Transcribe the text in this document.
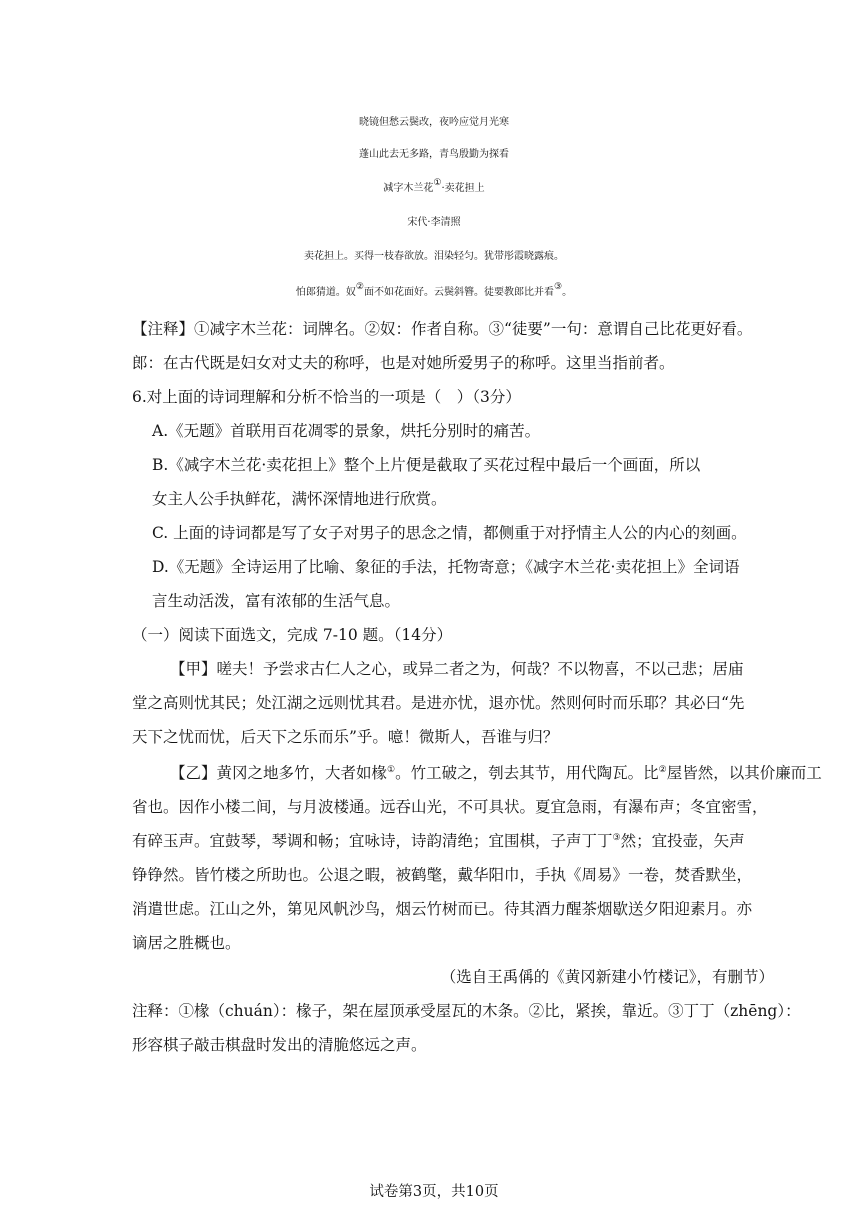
晓镜但愁云鬓改，夜吟应觉月光寒
蓬山此去无多路，青鸟殷勤为探看
减字木兰花①·卖花担上
宋代·李清照
卖花担上。买得一枝春欲放。泪染轻匀。犹带彤霞晓露痕。
怕郎猜道。奴②面不如花面好。云鬓斜簪。徒要教郎比并看③。
【注释】①减字木兰花：词牌名。②奴：作者自称。③“徒要”一句：意谓自己比花更好看。
郎：在古代既是妇女对丈夫的称呼，也是对她所爱男子的称呼。这里当指前者。
6.对上面的诗词理解和分析不恰当的一项是（　）（3分）
A.《无题》首联用百花凋零的景象，烘托分别时的痛苦。
B.《减字木兰花·卖花担上》整个上片便是截取了买花过程中最后一个画面，所以
女主人公手执鲜花，满怀深情地进行欣赏。
C. 上面的诗词都是写了女子对男子的思念之情，都侧重于对抒情主人公的内心的刻画。
D.《无题》全诗运用了比喻、象征的手法，托物寄意；《减字木兰花·卖花担上》全词语
言生动活泼，富有浓郁的生活气息。
（一）阅读下面选文，完成 7-10 题。（14分）
【甲】嗟夫！予尝求古仁人之心，或异二者之为，何哉？不以物喜，不以己悲；居庙
堂之高则忧其民；处江湖之远则忧其君。是进亦忧，退亦忧。然则何时而乐耶？其必曰“先
天下之忧而忧，后天下之乐而乐”乎。噫！微斯人，吾谁与归？
【乙】黄冈之地多竹，大者如椽①。竹工破之，刳去其节，用代陶瓦。比②屋皆然，以其价廉而工
省也。因作小楼二间，与月波楼通。远吞山光，不可具状。夏宜急雨，有瀑布声；冬宜密雪，
有碎玉声。宜鼓琴，琴调和畅；宜咏诗，诗韵清绝；宜围棋，子声丁丁③然；宜投壶，矢声
铮铮然。皆竹楼之所助也。公退之暇，被鹤氅，戴华阳巾，手执《周易》一卷，焚香默坐，
消遣世虑。江山之外，第见风帆沙鸟，烟云竹树而已。待其酒力醒茶烟歇送夕阳迎素月。亦
谪居之胜概也。
（选自王禹偁的《黄冈新建小竹楼记》，有删节）
注释：①椽（chuán）：椽子，架在屋顶承受屋瓦的木条。②比，紧挨，靠近。③丁丁（zhēng）：
形容棋子敲击棋盘时发出的清脆悠远之声。
试卷第3页，共10页
